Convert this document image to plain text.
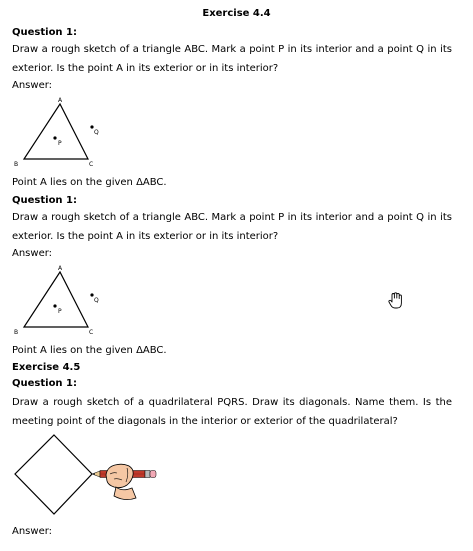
Exercise 4.4
Question 1:
Draw a rough sketch of a triangle ABC. Mark a point P in its interior and a point Q in its exterior. Is the point A in its exterior or in its interior?
Answer:
A
B	C
P
Q
Point A lies on the given ΔABC.
Question 1:
Draw a rough sketch of a triangle ABC. Mark a point P in its interior and a point Q in its exterior. Is the point A in its exterior or in its interior?
Answer:
A
B	C
P
Q
Point A lies on the given ΔABC.
Exercise 4.5
Question 1:
Draw a rough sketch of a quadrilateral PQRS. Draw its diagonals. Name them. Is the meeting point of the diagonals in the interior or exterior of the quadrilateral?
Answer:
